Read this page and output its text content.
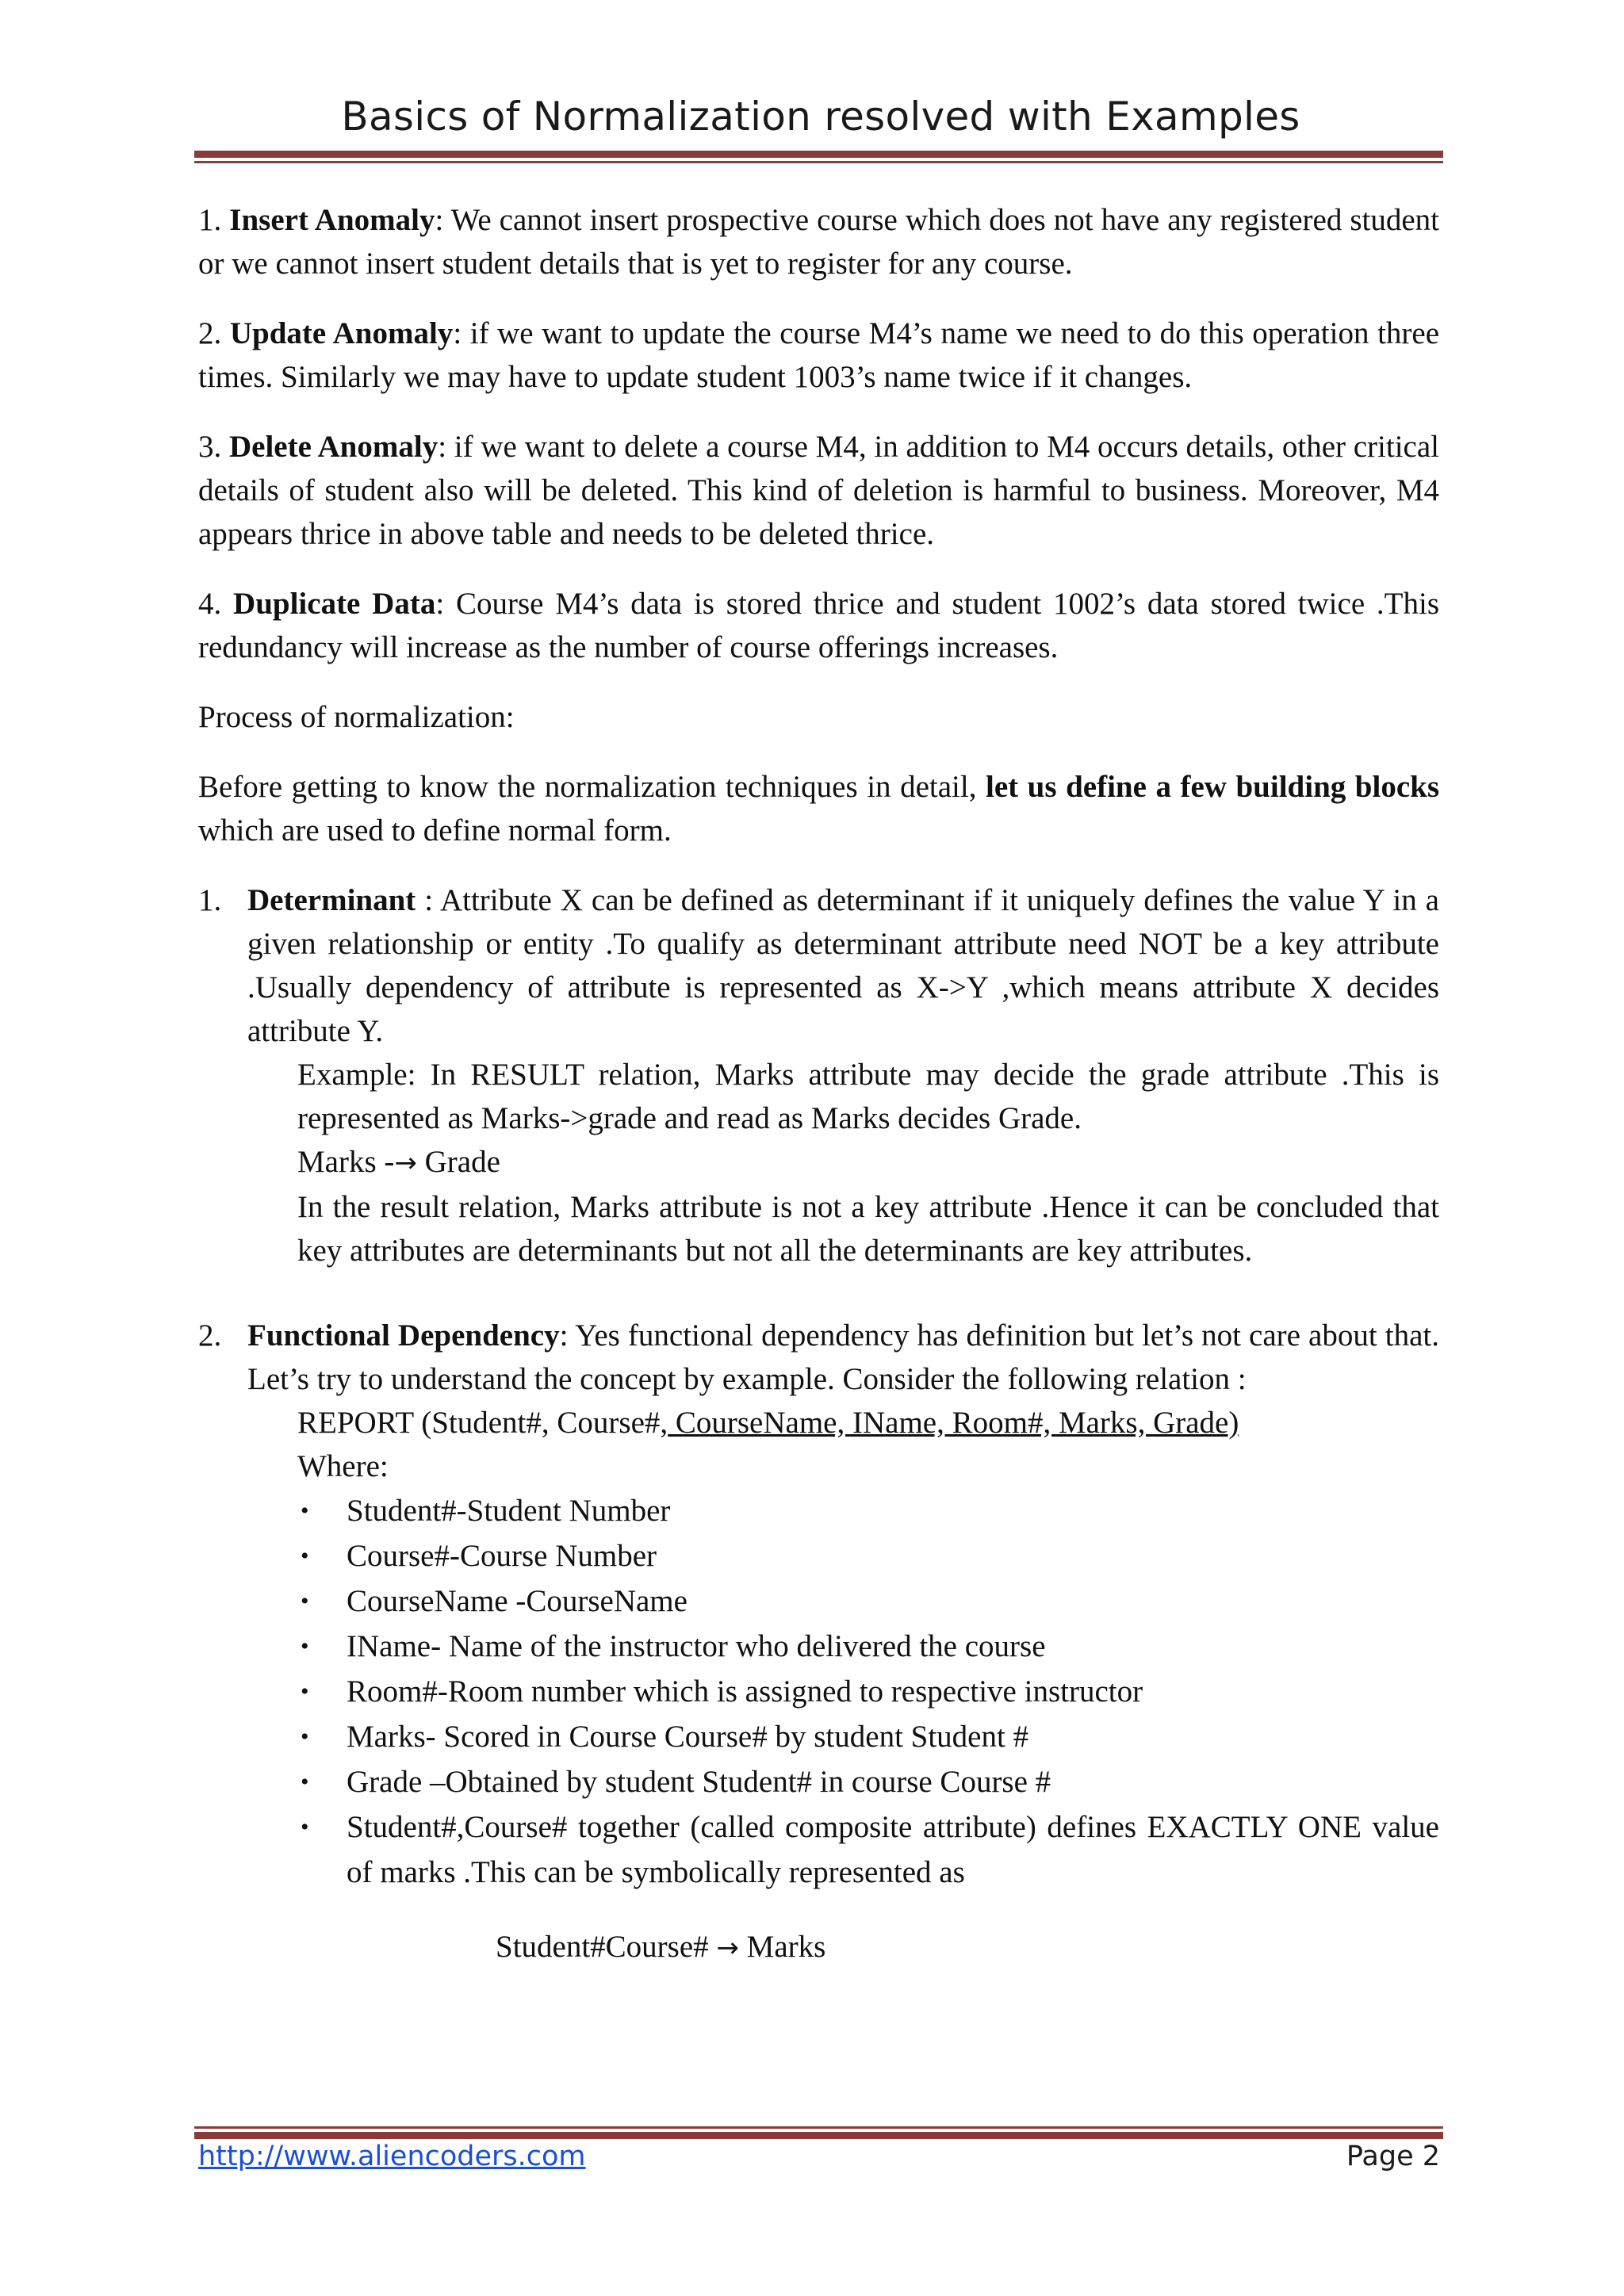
Basics of Normalization resolved with Examples

1. Insert Anomaly: We cannot insert prospective course which does not have any registered student or we cannot insert student details that is yet to register for any course.

2. Update Anomaly: if we want to update the course M4’s name we need to do this operation three times. Similarly we may have to update student 1003’s name twice if it changes.

3. Delete Anomaly: if we want to delete a course M4, in addition to M4 occurs details, other critical details of student also will be deleted. This kind of deletion is harmful to business. Moreover, M4 appears thrice in above table and needs to be deleted thrice.

4. Duplicate Data: Course M4’s data is stored thrice and student 1002’s data stored twice .This redundancy will increase as the number of course offerings increases.

Process of normalization:

Before getting to know the normalization techniques in detail, let us define a few building blocks which are used to define normal form.

1. Determinant : Attribute X can be defined as determinant if it uniquely defines the value Y in a given relationship or entity .To qualify as determinant attribute need NOT be a key attribute .Usually dependency of attribute is represented as X->Y ,which means attribute X decides attribute Y.
Example: In RESULT relation, Marks attribute may decide the grade attribute .This is represented as Marks->grade and read as Marks decides Grade.
Marks -→ Grade
In the result relation, Marks attribute is not a key attribute .Hence it can be concluded that key attributes are determinants but not all the determinants are key attributes.
2. Functional Dependency: Yes functional dependency has definition but let’s not care about that. Let’s try to understand the concept by example. Consider the following relation :
REPORT (Student#, Course#, CourseName, IName, Room#, Marks, Grade)
Where:
• Student#-Student Number
• Course#-Course Number
• CourseName -CourseName
• IName- Name of the instructor who delivered the course
• Room#-Room number which is assigned to respective instructor
• Marks- Scored in Course Course# by student Student #
• Grade –Obtained by student Student# in course Course #
• Student#,Course# together (called composite attribute) defines EXACTLY ONE value of marks .This can be symbolically represented as
Student#Course# → Marks
http://www.aliencoders.com	Page 2
